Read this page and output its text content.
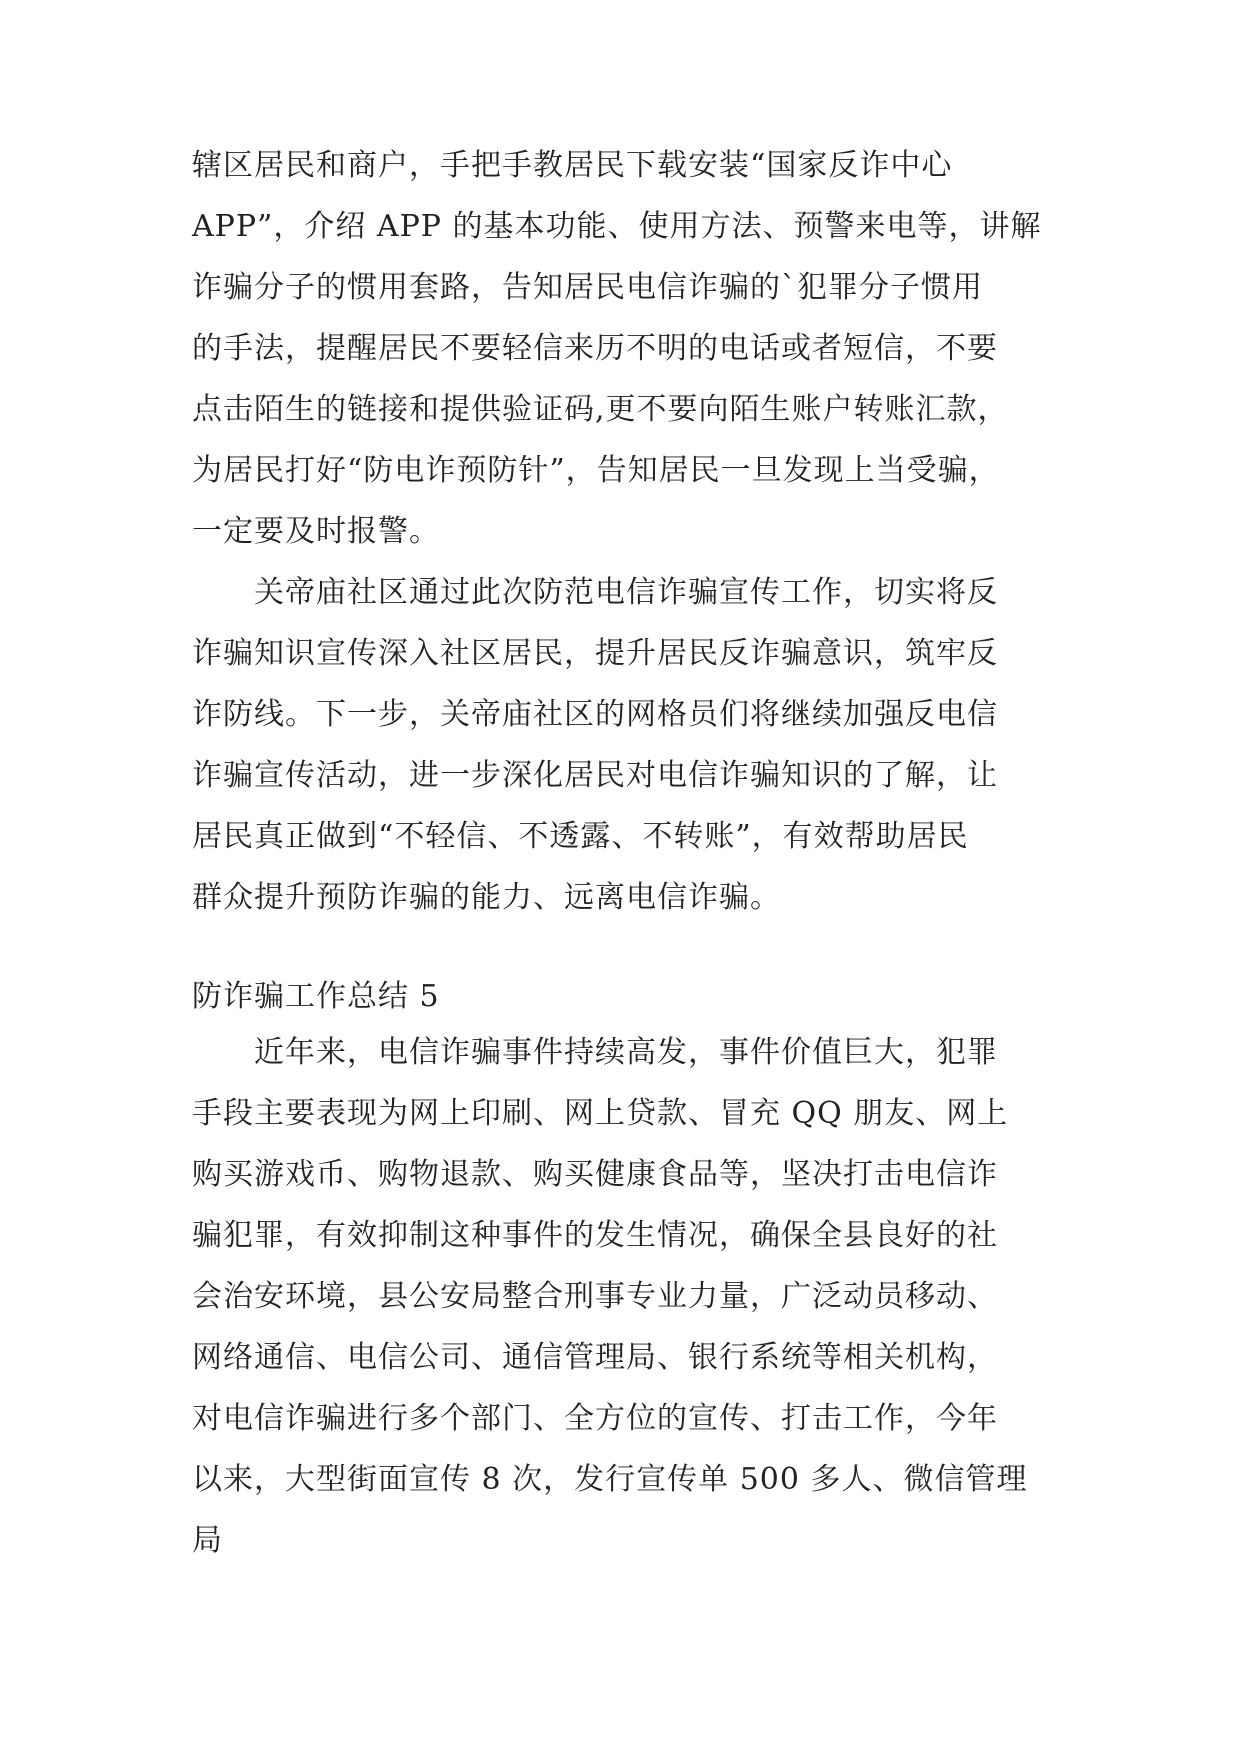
辖区居民和商户，手把手教居民下载安装“国家反诈中心
APP”，介绍 APP 的基本功能、使用方法、预警来电等，讲解
诈骗分子的惯用套路，告知居民电信诈骗的`犯罪分子惯用
的手法，提醒居民不要轻信来历不明的电话或者短信，不要
点击陌生的链接和提供验证码,更不要向陌生账户转账汇款，
为居民打好“防电诈预防针”，告知居民一旦发现上当受骗，
一定要及时报警。
　　关帝庙社区通过此次防范电信诈骗宣传工作，切实将反
诈骗知识宣传深入社区居民，提升居民反诈骗意识，筑牢反
诈防线。下一步，关帝庙社区的网格员们将继续加强反电信
诈骗宣传活动，进一步深化居民对电信诈骗知识的了解，让
居民真正做到“不轻信、不透露、不转账”，有效帮助居民
群众提升预防诈骗的能力、远离电信诈骗。
防诈骗工作总结 5
　　近年来，电信诈骗事件持续高发，事件价值巨大，犯罪
手段主要表现为网上印刷、网上贷款、冒充 QQ 朋友、网上
购买游戏币、购物退款、购买健康食品等，坚决打击电信诈
骗犯罪，有效抑制这种事件的发生情况，确保全县良好的社
会治安环境，县公安局整合刑事专业力量，广泛动员移动、
网络通信、电信公司、通信管理局、银行系统等相关机构，
对电信诈骗进行多个部门、全方位的宣传、打击工作，今年
以来，大型街面宣传 8 次，发行宣传单 500 多人、微信管理
局
